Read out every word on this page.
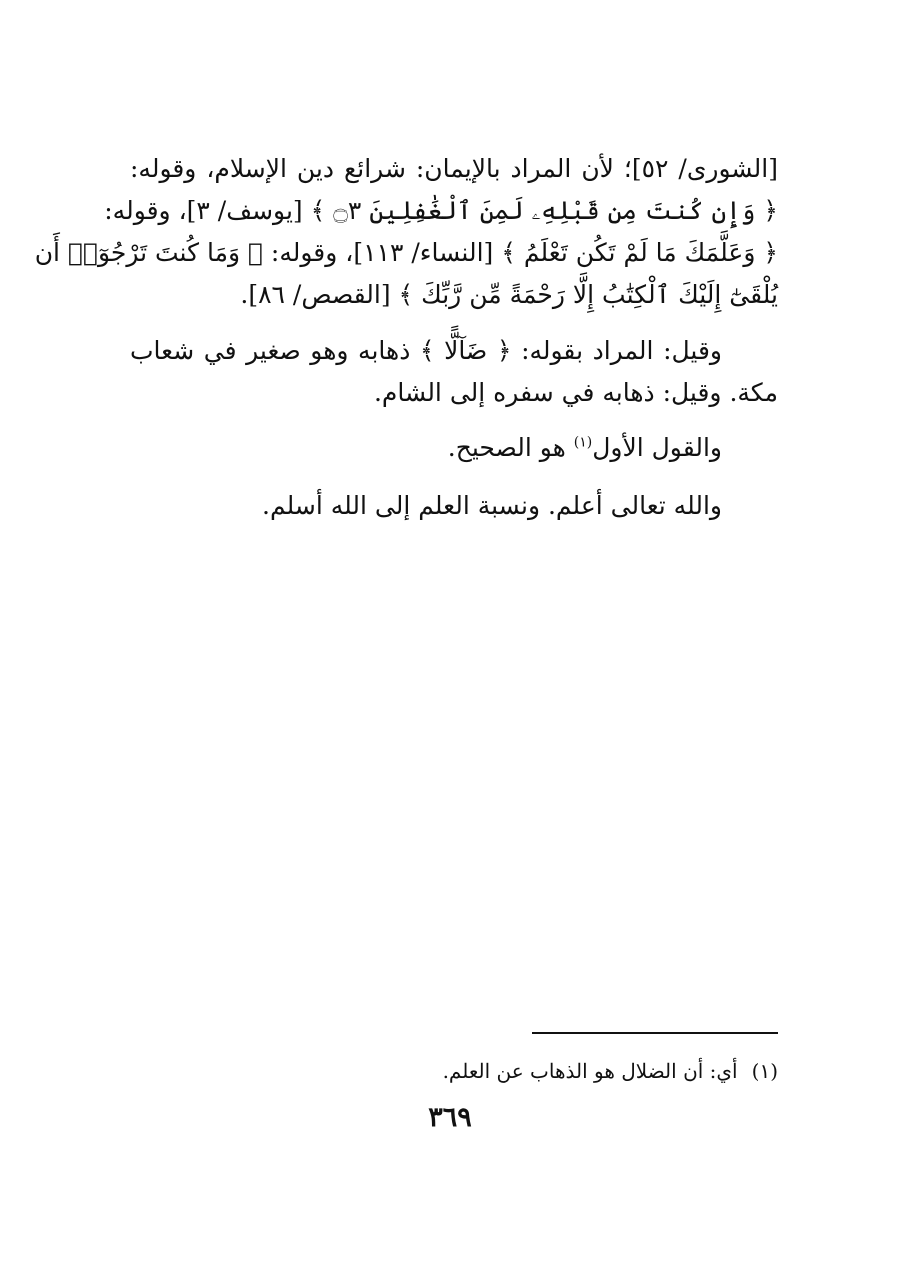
[الشورى/ ٥٢]؛ لأن المراد بالإيمان: شرائع دين الإسلام، وقوله:
﴿ وَإِن كُنتَ مِن قَبْلِهِۦ لَمِنَ ٱلْغَٰفِلِينَ ۝٣ ﴾ [يوسف/ ٣]، وقوله:
﴿ وَعَلَّمَكَ مَا لَمْ تَكُن تَعْلَمُ ﴾ [النساء/ ١١٣]، وقوله: ﴿ وَمَا كُنتَ تَرْجُوٓا۟ أَن
يُلْقَىٰٓ إِلَيْكَ ٱلْكِتَٰبُ إِلَّا رَحْمَةً مِّن رَّبِّكَ ﴾ [القصص/ ٨٦].
وقيل: المراد بقوله: ﴿ ضَآلًّا ﴾ ذهابه وهو صغير في شعاب
مكة. وقيل: ذهابه في سفره إلى الشام.
والقول الأول$^{(١)}$ هو الصحيح.
والله تعالى أعلم. ونسبة العلم إلى الله أسلم.
(١)أي: أن الضلال هو الذهاب عن العلم.
٣٦٩
